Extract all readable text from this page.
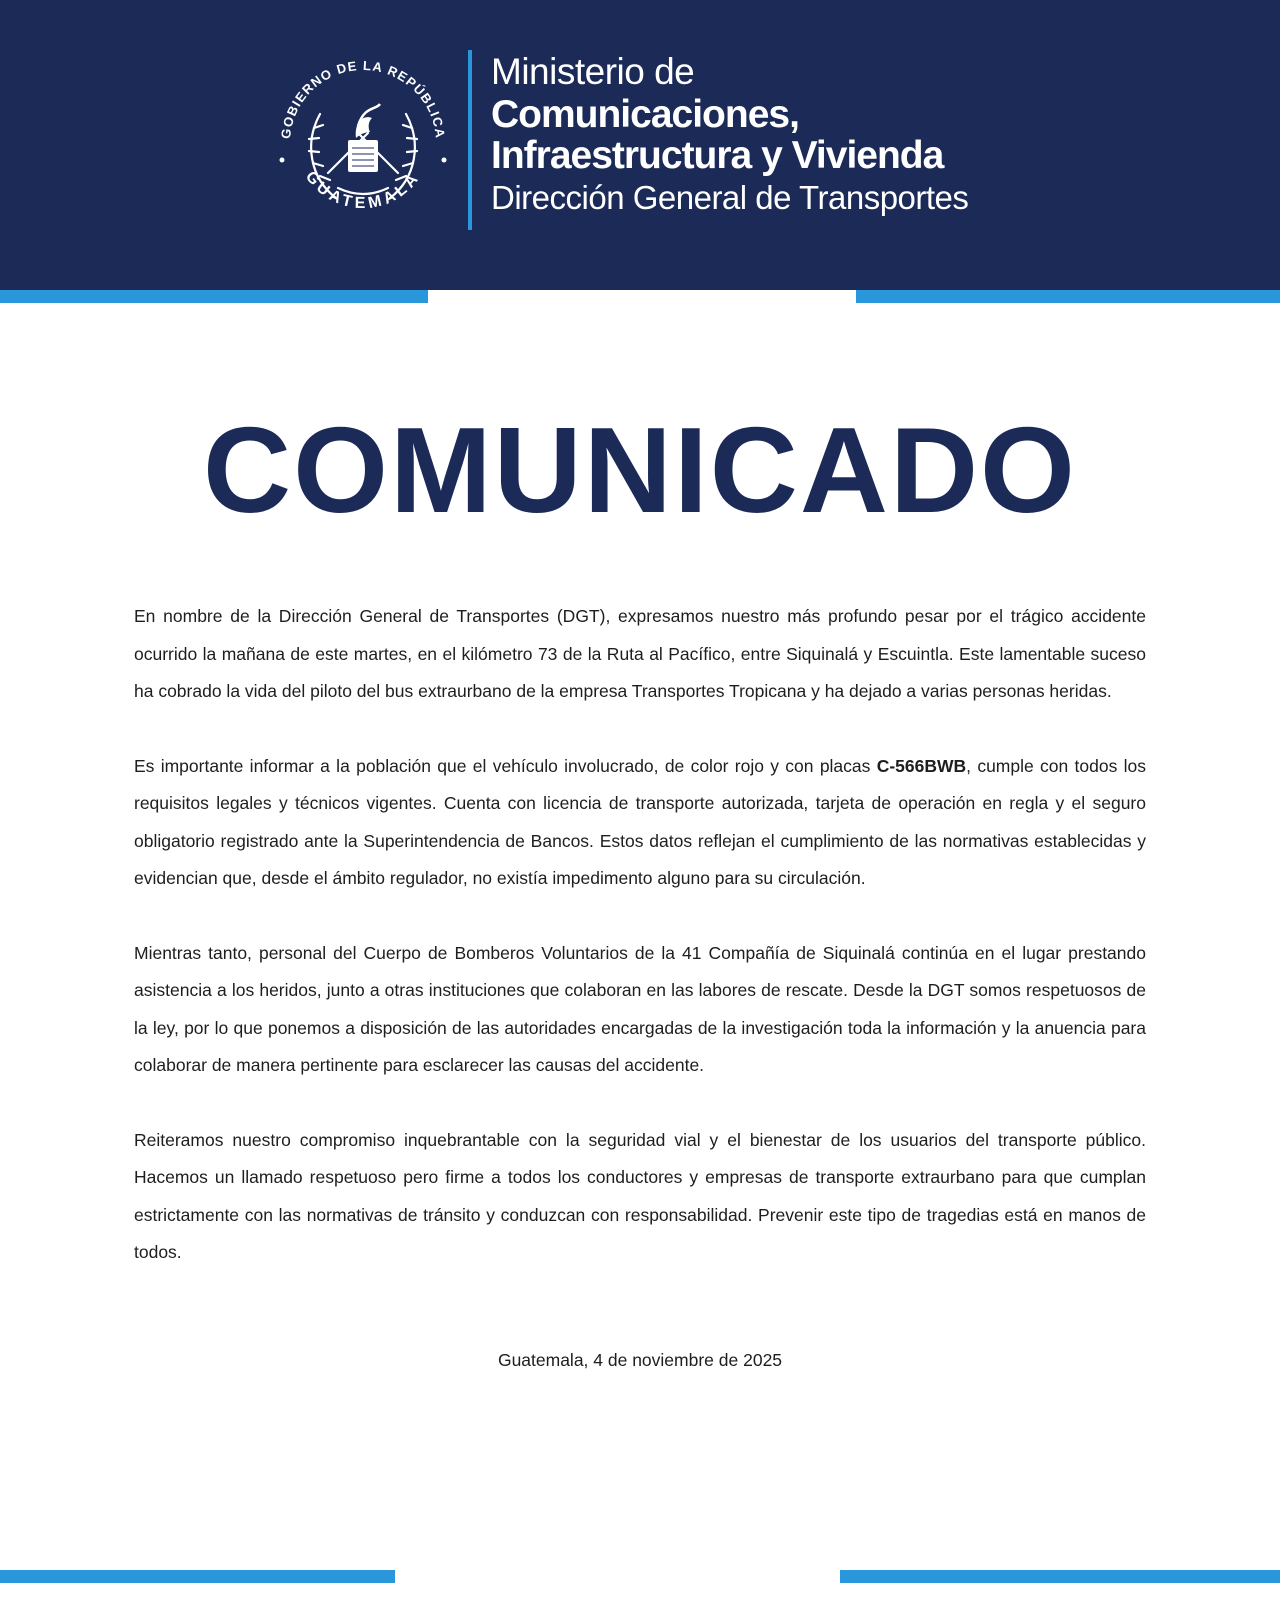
GOBIERNO DE LA REPÚBLICA
GUATEMALA
Ministerio de
Comunicaciones,
Infraestructura y Vivienda
Dirección General de Transportes
COMUNICADO

En nombre de la Dirección General de Transportes (DGT), expresamos nuestro más profundo pesar por el trágico accidente ocurrido la mañana de este martes, en el kilómetro 73 de la Ruta al Pacífico, entre Siquinalá y Escuintla. Este lamentable suceso ha cobrado la vida del piloto del bus extraurbano de la empresa Transportes Tropicana y ha dejado a varias personas heridas.

Es importante informar a la población que el vehículo involucrado, de color rojo y con placas C-566BWB, cumple con todos los requisitos legales y técnicos vigentes. Cuenta con licencia de transporte autorizada, tarjeta de operación en regla y el seguro obligatorio registrado ante la Superintendencia de Bancos. Estos datos reflejan el cumplimiento de las normativas establecidas y evidencian que, desde el ámbito regulador, no existía impedimento alguno para su circulación.

Mientras tanto, personal del Cuerpo de Bomberos Voluntarios de la 41 Compañía de Siquinalá continúa en el lugar prestando asistencia a los heridos, junto a otras instituciones que colaboran en las labores de rescate. Desde la DGT somos respetuosos de la ley, por lo que ponemos a disposición de las autoridades encargadas de la investigación toda la información y la anuencia para colaborar de manera pertinente para esclarecer las causas del accidente.

Reiteramos nuestro compromiso inquebrantable con la seguridad vial y el bienestar de los usuarios del transporte público. Hacemos un llamado respetuoso pero firme a todos los conductores y empresas de transporte extraurbano para que cumplan estrictamente con las normativas de tránsito y conduzcan con responsabilidad. Prevenir este tipo de tragedias está en manos de todos.

Guatemala, 4 de noviembre de 2025
